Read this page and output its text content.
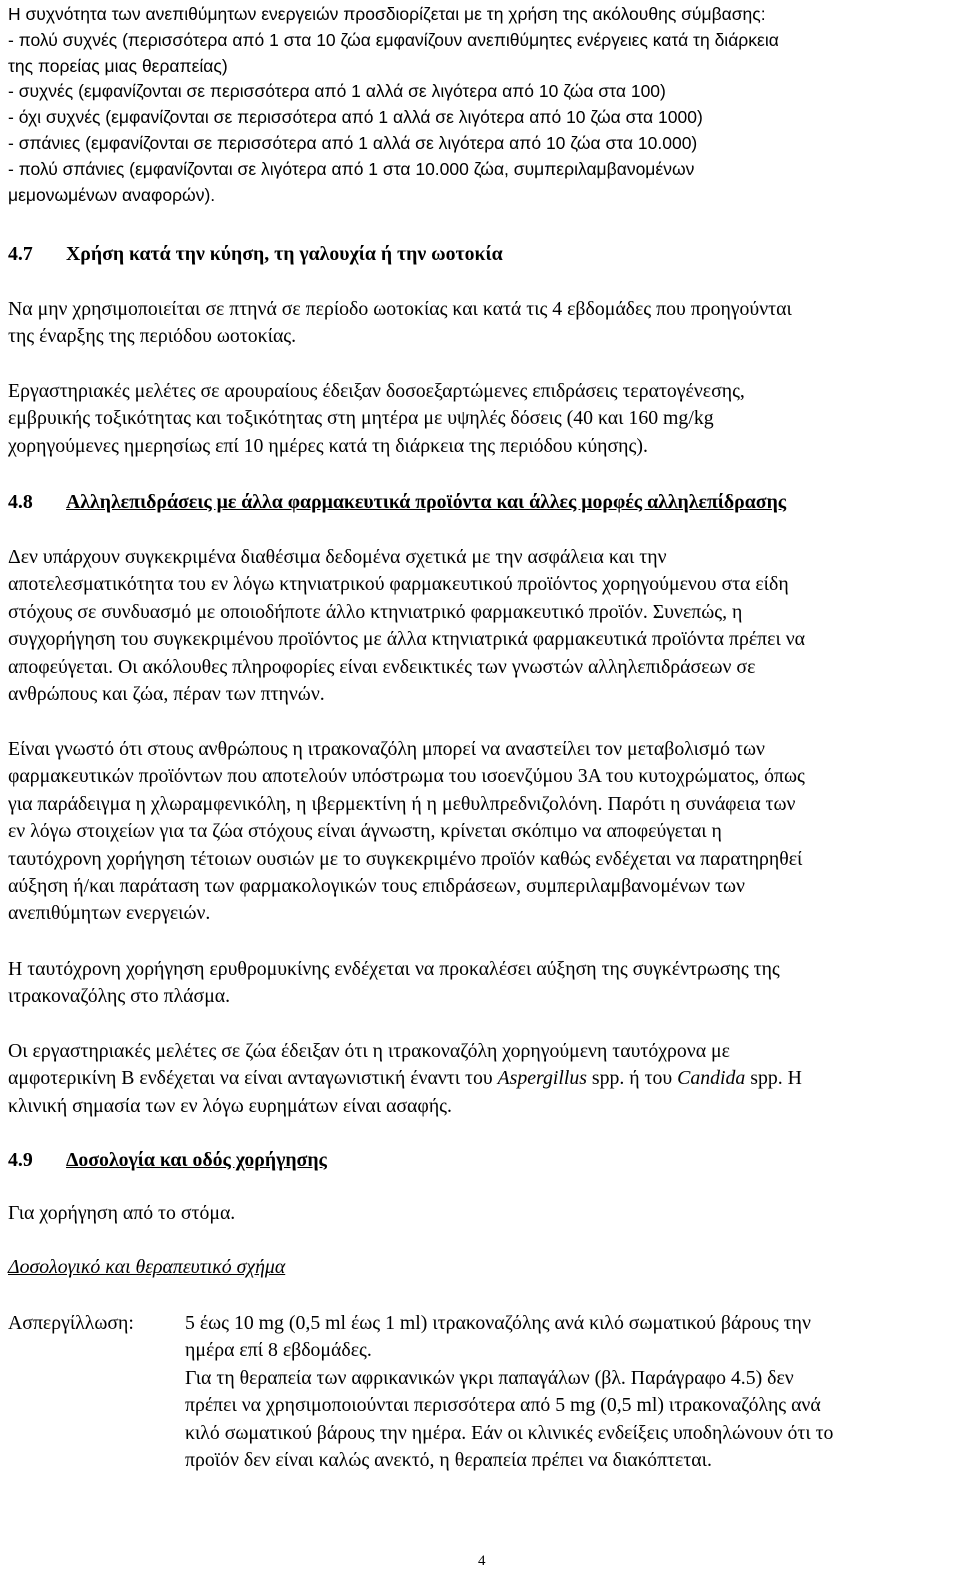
Η συχνότητα των ανεπιθύμητων ενεργειών προσδιορίζεται με τη χρήση της ακόλουθης σύμβασης:
- πολύ συχνές (περισσότερα από 1 στα 10 ζώα εμφανίζουν ανεπιθύμητες ενέργειες κατά τη διάρκεια
της πορείας μιας θεραπείας)
- συχνές (εμφανίζονται σε περισσότερα από 1 αλλά σε λιγότερα από 10 ζώα στα 100)
- όχι συχνές (εμφανίζονται σε περισσότερα από 1 αλλά σε λιγότερα από 10 ζώα στα 1000)
- σπάνιες (εμφανίζονται σε περισσότερα από 1 αλλά σε λιγότερα από 10 ζώα στα 10.000)
- πολύ σπάνιες (εμφανίζονται σε λιγότερα από 1 στα 10.000 ζώα, συμπεριλαμβανομένων
μεμονωμένων αναφορών).
4.7 Χρήση κατά την κύηση, τη γαλουχία ή την ωοτοκία
Να μην χρησιμοποιείται σε πτηνά σε περίοδο ωοτοκίας και κατά τις 4 εβδομάδες που προηγούνται
της έναρξης της περιόδου ωοτοκίας.
Εργαστηριακές μελέτες σε αρουραίους έδειξαν δοσοεξαρτώμενες επιδράσεις τερατογένεσης,
εμβρυικής τοξικότητας και τοξικότητας στη μητέρα με υψηλές δόσεις (40 και 160 mg/kg
χορηγούμενες ημερησίως επί 10 ημέρες κατά τη διάρκεια της περιόδου κύησης).
4.8 Αλληλεπιδράσεις με άλλα φαρμακευτικά προϊόντα και άλλες μορφές αλληλεπίδρασης
Δεν υπάρχουν συγκεκριμένα διαθέσιμα δεδομένα σχετικά με την ασφάλεια και την
αποτελεσματικότητα του εν λόγω κτηνιατρικού φαρμακευτικού προϊόντος χορηγούμενου στα είδη
στόχους σε συνδυασμό με οποιοδήποτε άλλο κτηνιατρικό φαρμακευτικό προϊόν. Συνεπώς, η
συγχορήγηση του συγκεκριμένου προϊόντος με άλλα κτηνιατρικά φαρμακευτικά προϊόντα πρέπει να
αποφεύγεται. Οι ακόλουθες πληροφορίες είναι ενδεικτικές των γνωστών αλληλεπιδράσεων σε
ανθρώπους και ζώα, πέραν των πτηνών.
Είναι γνωστό ότι στους ανθρώπους η ιτρακοναζόλη μπορεί να αναστείλει τον μεταβολισμό των
φαρμακευτικών προϊόντων που αποτελούν υπόστρωμα του ισοενζύμου 3Α του κυτοχρώματος, όπως
για παράδειγμα η χλωραμφενικόλη, η ιβερμεκτίνη ή η μεθυλπρεδνιζολόνη. Παρότι η συνάφεια των
εν λόγω στοιχείων για τα ζώα στόχους είναι άγνωστη, κρίνεται σκόπιμο να αποφεύγεται η
ταυτόχρονη χορήγηση τέτοιων ουσιών με το συγκεκριμένο προϊόν καθώς ενδέχεται να παρατηρηθεί
αύξηση ή/και παράταση των φαρμακολογικών τους επιδράσεων, συμπεριλαμβανομένων των
ανεπιθύμητων ενεργειών.
Η ταυτόχρονη χορήγηση ερυθρομυκίνης ενδέχεται να προκαλέσει αύξηση της συγκέντρωσης της
ιτρακοναζόλης στο πλάσμα.
Οι εργαστηριακές μελέτες σε ζώα έδειξαν ότι η ιτρακοναζόλη χορηγούμενη ταυτόχρονα με
αμφοτερικίνη Β ενδέχεται να είναι ανταγωνιστική έναντι του Aspergillus spp. ή του Candida spp. Η
κλινική σημασία των εν λόγω ευρημάτων είναι ασαφής.
4.9 Δοσολογία και οδός χορήγησης
Για χορήγηση από το στόμα.
Δοσολογικό και θεραπευτικό σχήμα
Ασπεργίλλωση:	5 έως 10 mg (0,5 ml έως 1 ml) ιτρακοναζόλης ανά κιλό σωματικού βάρους την
ημέρα επί 8 εβδομάδες.
Για τη θεραπεία των αφρικανικών γκρι παπαγάλων (βλ. Παράγραφο 4.5) δεν
πρέπει να χρησιμοποιούνται περισσότερα από 5 mg (0,5 ml) ιτρακοναζόλης ανά
κιλό σωματικού βάρους την ημέρα. Εάν οι κλινικές ενδείξεις υποδηλώνουν ότι το
προϊόν δεν είναι καλώς ανεκτό, η θεραπεία πρέπει να διακόπτεται.
4
